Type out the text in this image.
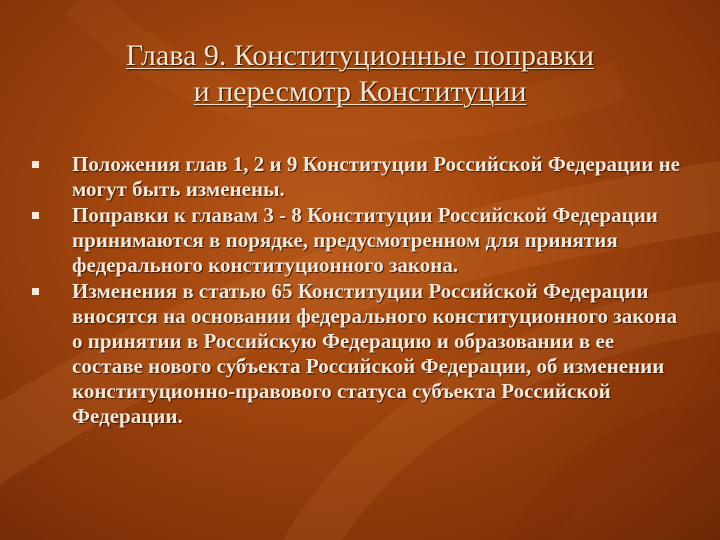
Глава 9. Конституционные поправки
и пересмотр Конституции
Положения глав 1, 2 и 9 Конституции Российской Федерации не могут быть изменены.
Поправки к главам 3 - 8 Конституции Российской Федерации принимаются в порядке, предусмотренном для принятия федерального конституционного закона.
Изменения в статью 65 Конституции Российской Федерации вносятся на основании федерального конституционного закона о принятии в Российскую Федерацию и образовании в ее составе нового субъекта Российской Федерации, об изменении конституционно-правового статуса субъекта Российской Федерации.
